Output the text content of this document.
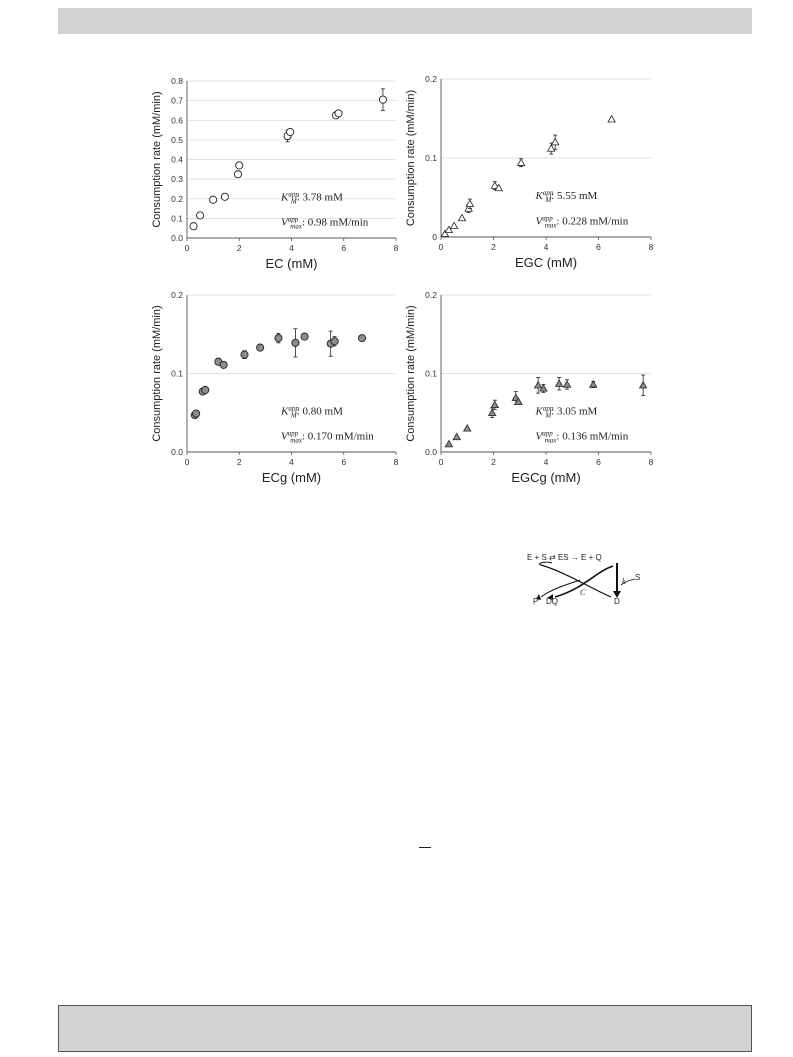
0.0
0.1
0.2
0.3
0.4
0.5
0.6
0.7
0.8
0	2	4	6	8
EC (mM)
Consumption rate (mM/min)	$K^{app}$ M: 3.78 mM
$V^{app}$ max: 0.98 mM/min
0
0.1
0.2
0	2	4	6	8
EGC (mM)
Consumption rate (mM/min)	$K^{app}$ M: 5.55 mM
$V^{app}$ max: 0.228 mM/min
0.0
0.1
0.2
0	2	4	6	8
ECg (mM)
Consumption rate (mM/min)	$K^{app}$ M: 0.80 mM
$V^{app}$ max: 0.170 mM/min
0.0
0.1
0.2
0	2	4	6	8
EGCg (mM)
Consumption rate (mM/min)	$K^{app}$ M: 3.05 mM
$V^{app}$ max: 0.136 mM/min
E + S ⇄ ES → E + Q
P DQ	D
C
k S
